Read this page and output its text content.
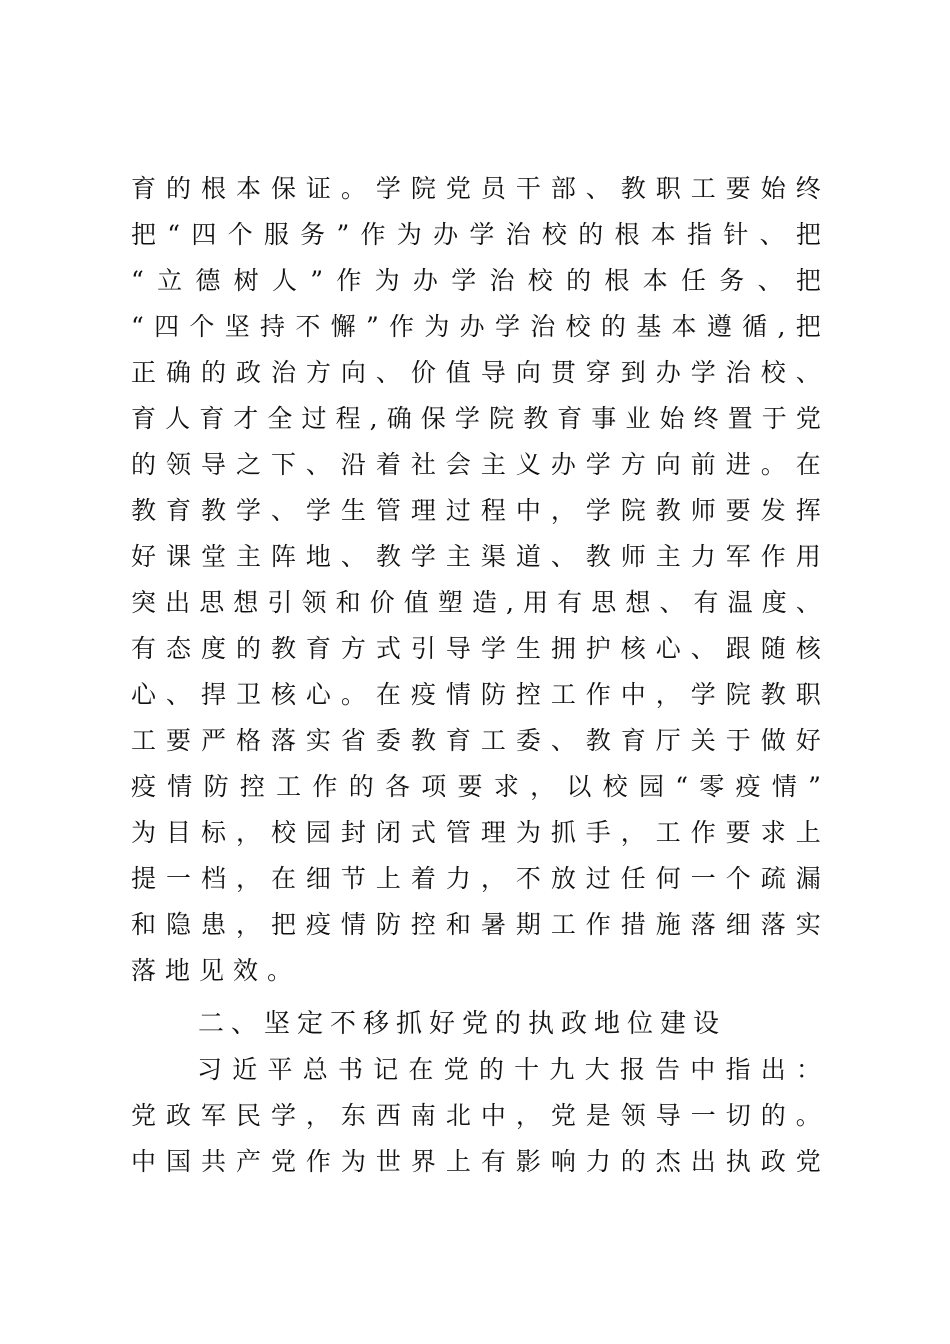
育 的 根 本 保 证 。 学 院 党 员 干 部 、 教 职 工 要 始 终
把 “ 四 个 服 务 ” 作 为 办 学 治 校 的 根 本 指 针 、 把
“ 立 德 树 人 ” 作 为 办 学 治 校 的 根 本 任 务 、 把
“ 四 个 坚 持 不 懈 ” 作 为 办 学 治 校 的 基 本 遵 循 , 把
正 确 的 政 治 方 向 、 价 值 导 向 贯 穿 到 办 学 治 校 、
育 人 育 才 全 过 程 , 确 保 学 院 教 育 事 业 始 终 置 于 党
的 领 导 之 下 、 沿 着 社 会 主 义 办 学 方 向 前 进 。 在
教 育 教 学 、 学 生 管 理 过 程 中 ， 学 院 教 师 要 发 挥
好 课 堂 主 阵 地 、 教 学 主 渠 道 、 教 师 主 力 军 作 用
突 出 思 想 引 领 和 价 值 塑 造 , 用 有 思 想 、 有 温 度 、
有 态 度 的 教 育 方 式 引 导 学 生 拥 护 核 心 、 跟 随 核
心 、 捍 卫 核 心 。 在 疫 情 防 控 工 作 中 ， 学 院 教 职
工 要 严 格 落 实 省 委 教 育 工 委 、 教 育 厅 关 于 做 好
疫 情 防 控 工 作 的 各 项 要 求 ， 以 校 园 “ 零 疫 情 ”
为 目 标 ， 校 园 封 闭 式 管 理 为 抓 手 ， 工 作 要 求 上
提 一 档 ， 在 细 节 上 着 力 ， 不 放 过 任 何 一 个 疏 漏
和 隐 患 ， 把 疫 情 防 控 和 暑 期 工 作 措 施 落 细 落 实
落地见效。
二、坚定不移抓好党的执政地位建设
习 近 平 总 书 记 在 党 的 十 九 大 报 告 中 指 出 ：
党 政 军 民 学 ， 东 西 南 北 中 ， 党 是 领 导 一 切 的 。
中 国 共 产 党 作 为 世 界 上 有 影 响 力 的 杰 出 执 政 党
